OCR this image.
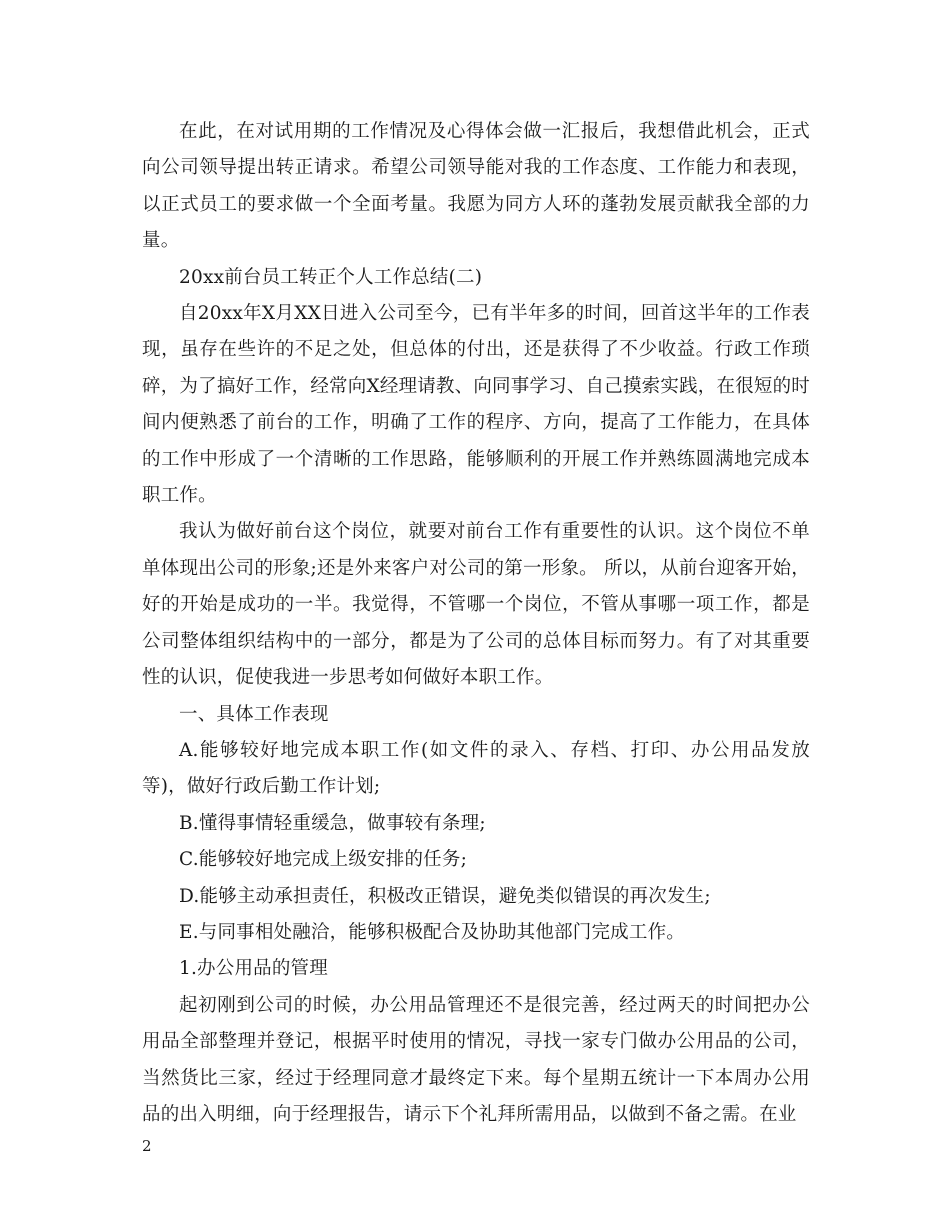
在此，在对试用期的工作情况及心得体会做一汇报后，我想借此机会，正式向公司领导提出转正请求。希望公司领导能对我的工作态度、工作能力和表现，以正式员工的要求做一个全面考量。我愿为同方人环的蓬勃发展贡献我全部的力量。

20xx前台员工转正个人工作总结(二)

自20xx年X月XX日进入公司至今，已有半年多的时间，回首这半年的工作表现，虽存在些许的不足之处，但总体的付出，还是获得了不少收益。行政工作琐碎，为了搞好工作，经常向X经理请教、向同事学习、自己摸索实践，在很短的时间内便熟悉了前台的工作，明确了工作的程序、方向，提高了工作能力，在具体的工作中形成了一个清晰的工作思路，能够顺利的开展工作并熟练圆满地完成本职工作。

我认为做好前台这个岗位，就要对前台工作有重要性的认识。这个岗位不单单体现出公司的形象;还是外来客户对公司的第一形象。 所以，从前台迎客开始，好的开始是成功的一半。我觉得，不管哪一个岗位，不管从事哪一项工作，都是公司整体组织结构中的一部分，都是为了公司的总体目标而努力。有了对其重要性的认识，促使我进一步思考如何做好本职工作。

一、具体工作表现

A.能够较好地完成本职工作(如文件的录入、存档、打印、办公用品发放等)，做好行政后勤工作计划;

B.懂得事情轻重缓急，做事较有条理;

C.能够较好地完成上级安排的任务;

D.能够主动承担责任，积极改正错误，避免类似错误的再次发生;

E.与同事相处融洽，能够积极配合及协助其他部门完成工作。

1.办公用品的管理

起初刚到公司的时候，办公用品管理还不是很完善，经过两天的时间把办公用品全部整理并登记，根据平时使用的情况，寻找一家专门做办公用品的公司，当然货比三家，经过于经理同意才最终定下来。每个星期五统计一下本周办公用品的出入明细，向于经理报告，请示下个礼拜所需用品，以做到不备之需。在业

2
